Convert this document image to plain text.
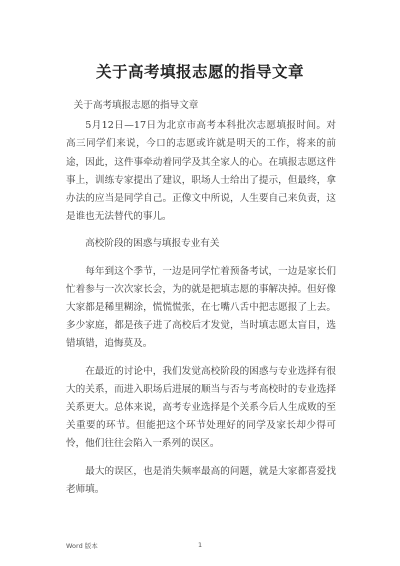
关于高考填报志愿的指导文章

关于高考填报志愿的指导文章

5月12日—17日为北京市高考本科批次志愿填报时间。对高三同学们来说，今口的志愿或许就是明天的工作，将来的前途，因此，这件事牵动着同学及其全家人的心。在填报志愿这件事上，训练专家提出了建议，职场人士给出了提示，但最终，拿办法的应当是同学自己。正像文中所说，人生要自己来负责，这是谁也无法替代的事儿。

高校阶段的困惑与填报专业有关

每年到这个季节，一边是同学忙着预备考试，一边是家长们忙着参与一次次家长会，为的就是把填志愿的事解决掉。但好像大家都是稀里糊涂，慌慌慌张，在七嘴八舌中把志愿报了上去。多少家庭，都是孩子进了高校后才发觉，当时填志愿太盲目，选错填错，追悔莫及。

在最近的讨论中，我们发觉高校阶段的困惑与专业选择有很大的关系，而进入职场后进展的顺当与否与考高校时的专业选择关系更大。总体来说，高考专业选择是个关系今后人生成败的至关重要的环节。但能把这个环节处理好的同学及家长却少得可怜，他们往往会陷入一系列的误区。

最大的误区，也是消失频率最高的问题，就是大家都喜爱找老师填。

Word 版本	1
